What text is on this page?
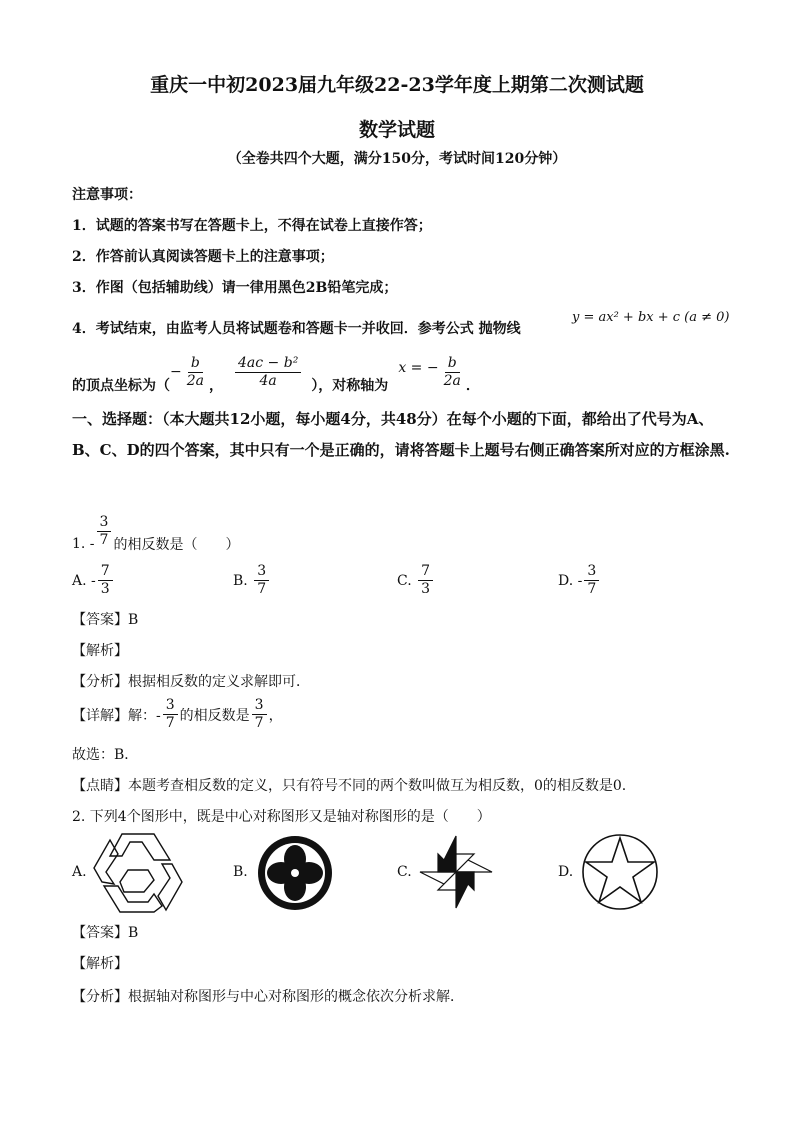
重庆一中初2023届九年级22-23学年度上期第二次测试题
数学试题
（全卷共四个大题，满分150分，考试时间120分钟）
注意事项：
1．试题的答案书写在答题卡上，不得在试卷上直接作答；
2．作答前认真阅读答题卡上的注意事项；
3．作图（包括辅助线）请一律用黑色2B铅笔完成；
4．考试结束，由监考人员将试题卷和答题卡一并收回．参考公式 抛物线
y = ax² + bx + c (a ≠ 0)
的顶点坐标为（
− $\frac{b}{2a}$ ， $\frac{\text{4ac − b²}}{4a}$ ），对称轴为
x = − $\frac{b}{2a}$ ．
一、选择题：（本大题共12小题，每小题4分，共48分）在每个小题的下面，都给出了代号为A、B、C、D的四个答案，其中只有一个是正确的，请将答题卡上题号右侧正确答案所对应的方框涂黑.
1. - $\frac{3}{7}$ 的相反数是（　　）
A.
- $\frac{7}{3}$	B.
$\frac{3}{7}$	C.
$\frac{7}{3}$	D.
- $\frac{3}{7}$
【答案】B
【解析】
【分析】根据相反数的定义求解即可．
【详解】解：- $\frac{3}{7}$ 的相反数是 $\frac{3}{7}$ ，
故选：B．
【点睛】本题考查相反数的定义，只有符号不同的两个数叫做互为相反数，0的相反数是0.
2. 下列4个图形中，既是中心对称图形又是轴对称图形的是（　　）
A.	B.	C.	D.
【答案】B
【解析】
【分析】根据轴对称图形与中心对称图形的概念依次分析求解．
